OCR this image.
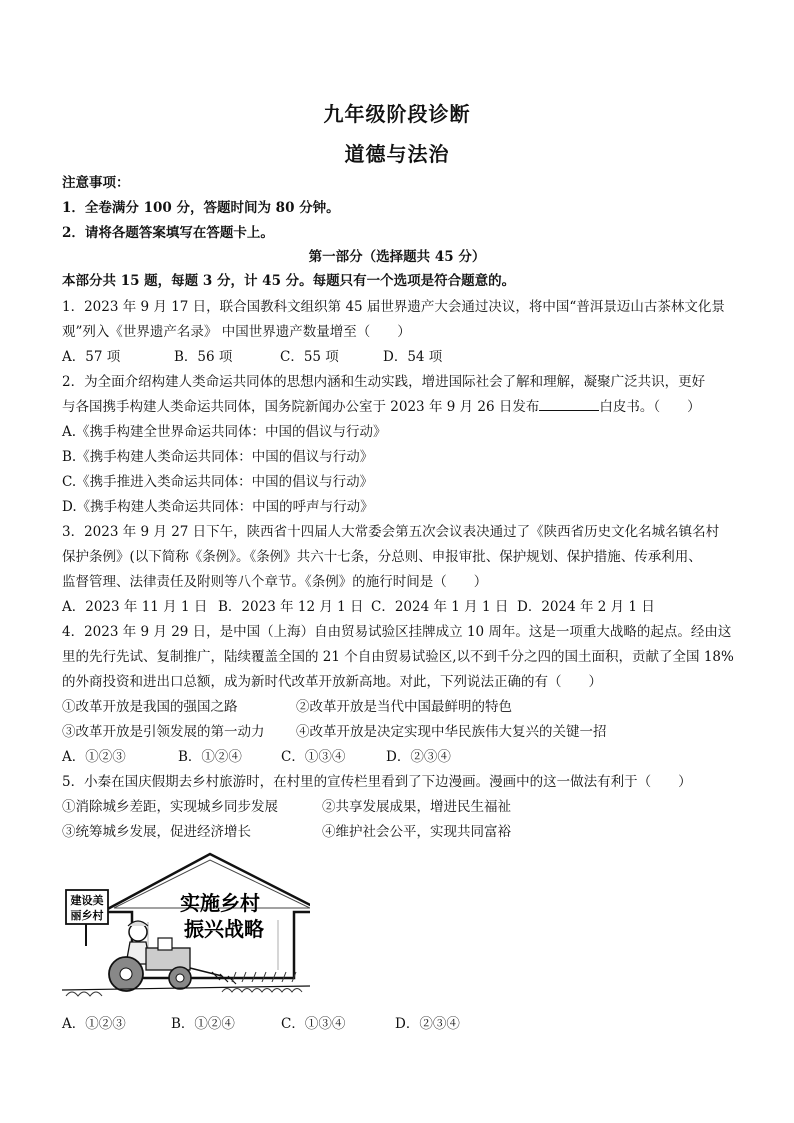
九年级阶段诊断
道德与法治
注意事项：
1．全卷满分 100 分，答题时间为 80 分钟。
2．请将各题答案填写在答题卡上。
第一部分（选择题共 45 分）
本部分共 15 题，每题 3 分，计 45 分。每题只有一个选项是符合题意的。
1．2023 年 9 月 17 日，联合国教科文组织第 45 届世界遗产大会通过决议，将中国“普洱景迈山古茶林文化景
观”列入《世界遗产名录》 中国世界遗产数量增至（　　）
A．57 项	B．56 项	C．55 项	D．54 项
2．为全面介绍构建人类命运共同体的思想内涵和生动实践，增进国际社会了解和理解，凝聚广泛共识，更好
与各国携手构建人类命运共同体，国务院新闻办公室于 2023 年 9 月 26 日发布	白皮书。（　　）
A.《携手构建全世界命运共同体：中国的倡议与行动》
B.《携手构建人类命运共同体：中国的倡议与行动》
C.《携手推进入类命运共同体：中国的倡议与行动》
D.《携手构建人类命运共同体：中国的呼声与行动》
3．2023 年 9 月 27 日下午，陕西省十四届人大常委会第五次会议表决通过了《陕西省历史文化名城名镇名村
保护条例》(以下简称《条例》。《条例》共六十七条，分总则、申报审批、保护规划、保护措施、传承利用、
监督管理、法律责任及附则等八个章节。《条例》的施行时间是（　　）
A．2023 年 11 月 1 日 B．2023 年 12 月 1 日 C．2024 年 1 月 1 日 D．2024 年 2 月 1 日
4．2023 年 9 月 29 日，是中国（上海）自由贸易试验区挂牌成立 10 周年。这是一项重大战略的起点。经由这
里的先行先试、复制推广，陆续覆盖全国的 21 个自由贸易试验区,以不到千分之四的国土面积，贡献了全国 18%
的外商投资和进出口总额，成为新时代改革开放新高地。对此，下列说法正确的有（　　）
①改革开放是我国的强国之路	②改革开放是当代中国最鲜明的特色
③改革开放是引领发展的第一动力 ④改革开放是决定实现中华民族伟大复兴的关键一招
A．①②③	B．①②④	C．①③④	D．②③④
5．小秦在国庆假期去乡村旅游时，在村里的宣传栏里看到了下边漫画。漫画中的这一做法有利于（　　）
①消除城乡差距，实现城乡同步发展	②共享发展成果，增进民生福祉
③统筹城乡发展，促进经济增长	④维护社会公平，实现共同富裕
实施乡村
振兴战略
建设美
丽乡村
A．①②③	B．①②④	C．①③④	D．②③④
